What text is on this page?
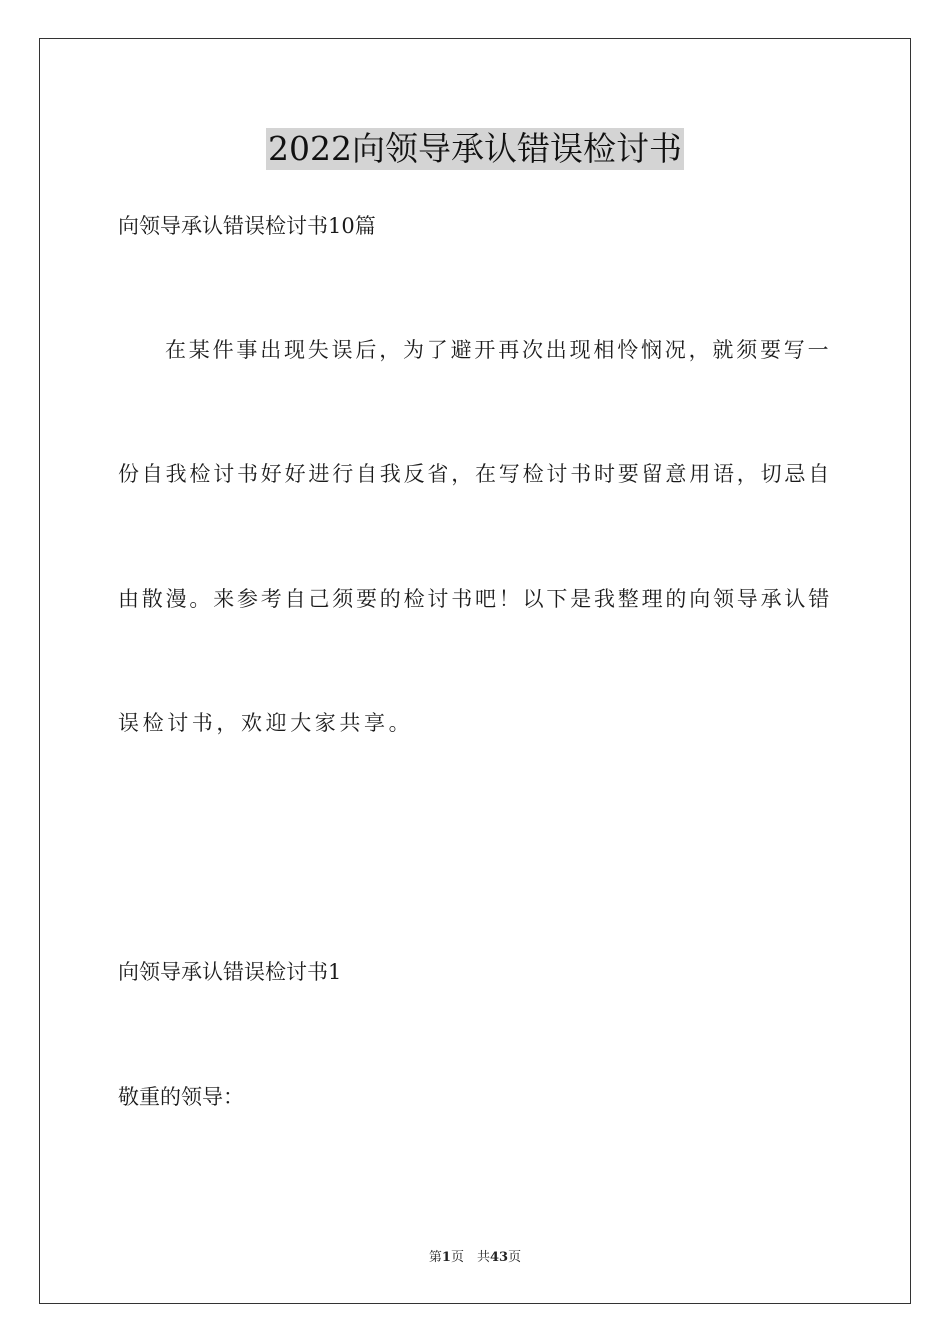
2022向领导承认错误检讨书
向领导承认错误检讨书10篇
在某件事出现失误后，为了避开再次出现相怜悯况，就须要写一
份自我检讨书好好进行自我反省，在写检讨书时要留意用语，切忌自
由散漫。来参考自己须要的检讨书吧！以下是我整理的向领导承认错
误检讨书，欢迎大家共享。
向领导承认错误检讨书1
敬重的领导：
第1页　共43页
